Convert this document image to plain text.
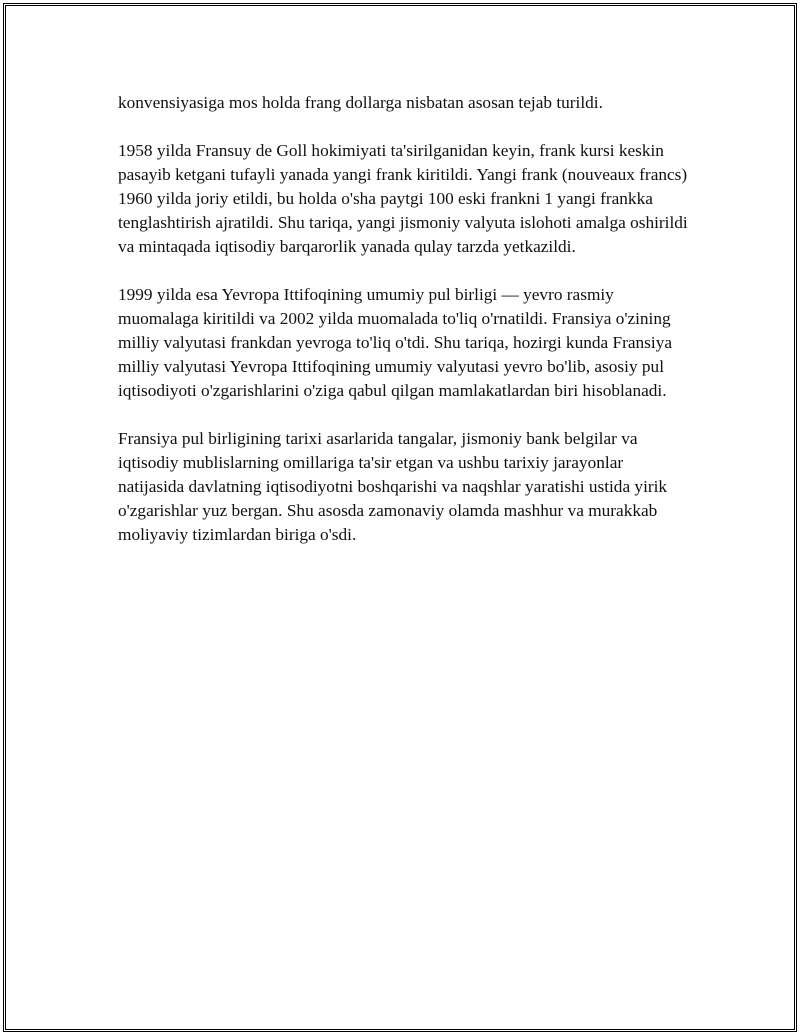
konvensiyasiga mos holda frang dollarga nisbatan asosan tejab turildi.

1958 yilda Fransuy de Goll hokimiyati ta'sirilganidan keyin, frank kursi keskin pasayib ketgani tufayli yanada yangi frank kiritildi. Yangi frank (nouveaux francs) 1960 yilda joriy etildi, bu holda o'sha paytgi 100 eski frankni 1 yangi frankka tenglashtirish ajratildi. Shu tariqa, yangi jismoniy valyuta islohoti amalga oshirildi va mintaqada iqtisodiy barqarorlik yanada qulay tarzda yetkazildi.

1999 yilda esa Yevropa Ittifoqining umumiy pul birligi — yevro rasmiy muomalaga kiritildi va 2002 yilda muomalada to'liq o'rnatildi. Fransiya o'zining milliy valyutasi frankdan yevroga to'liq o'tdi. Shu tariqa, hozirgi kunda Fransiya milliy valyutasi Yevropa Ittifoqining umumiy valyutasi yevro bo'lib, asosiy pul iqtisodiyoti o'zgarishlarini o'ziga qabul qilgan mamlakatlardan biri hisoblanadi.

Fransiya pul birligining tarixi asarlarida tangalar, jismoniy bank belgilar va iqtisodiy mublislarning omillariga ta'sir etgan va ushbu tarixiy jarayonlar natijasida davlatning iqtisodiyotni boshqarishi va naqshlar yaratishi ustida yirik o'zgarishlar yuz bergan. Shu asosda zamonaviy olamda mashhur va murakkab moliyaviy tizimlardan biriga o'sdi.
